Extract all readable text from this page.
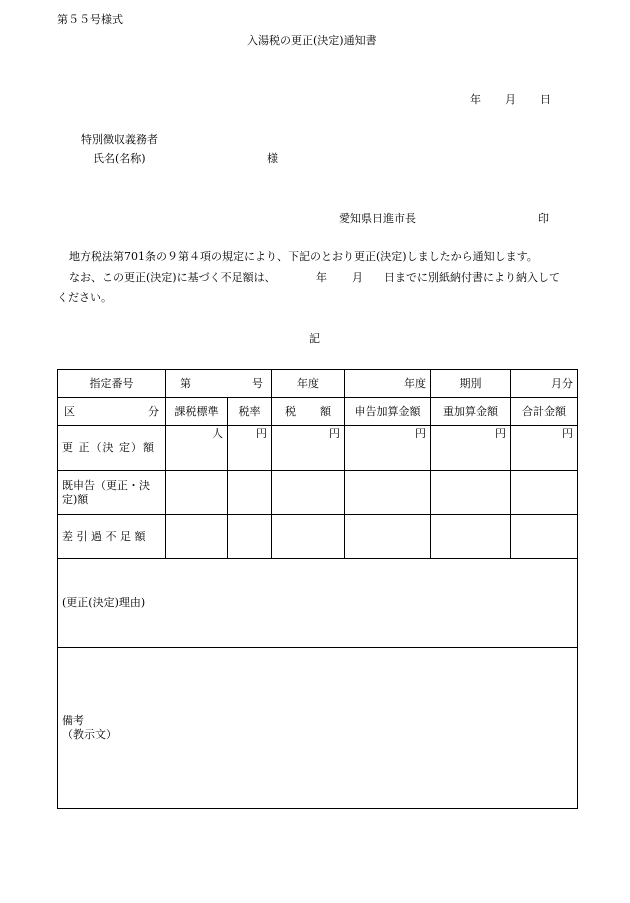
第５５号様式
入湯税の更正(決定)通知書
年 月 日
特別徴収義務者
氏名(名称)	様
愛知県日進市長	印
地方税法第701条の９第４項の規定により、下記のとおり更正(決定)しましたから通知します。
なお、この更正(決定)に基づく不足額は、	年 月 日までに別紙納付書により納入して
ください。
記
指定番号	第 号		年度	年度	期別	月分

区 分	課税標準	税率	税 額	申告加算金額	重加算金額	合計金額
更 正（決 定）額	人	円	円	円	円	円
既申告（更正・決定)額						
差 引 過 不 足 額						
(更正(決定)理由)						

備考
（教示文）						
